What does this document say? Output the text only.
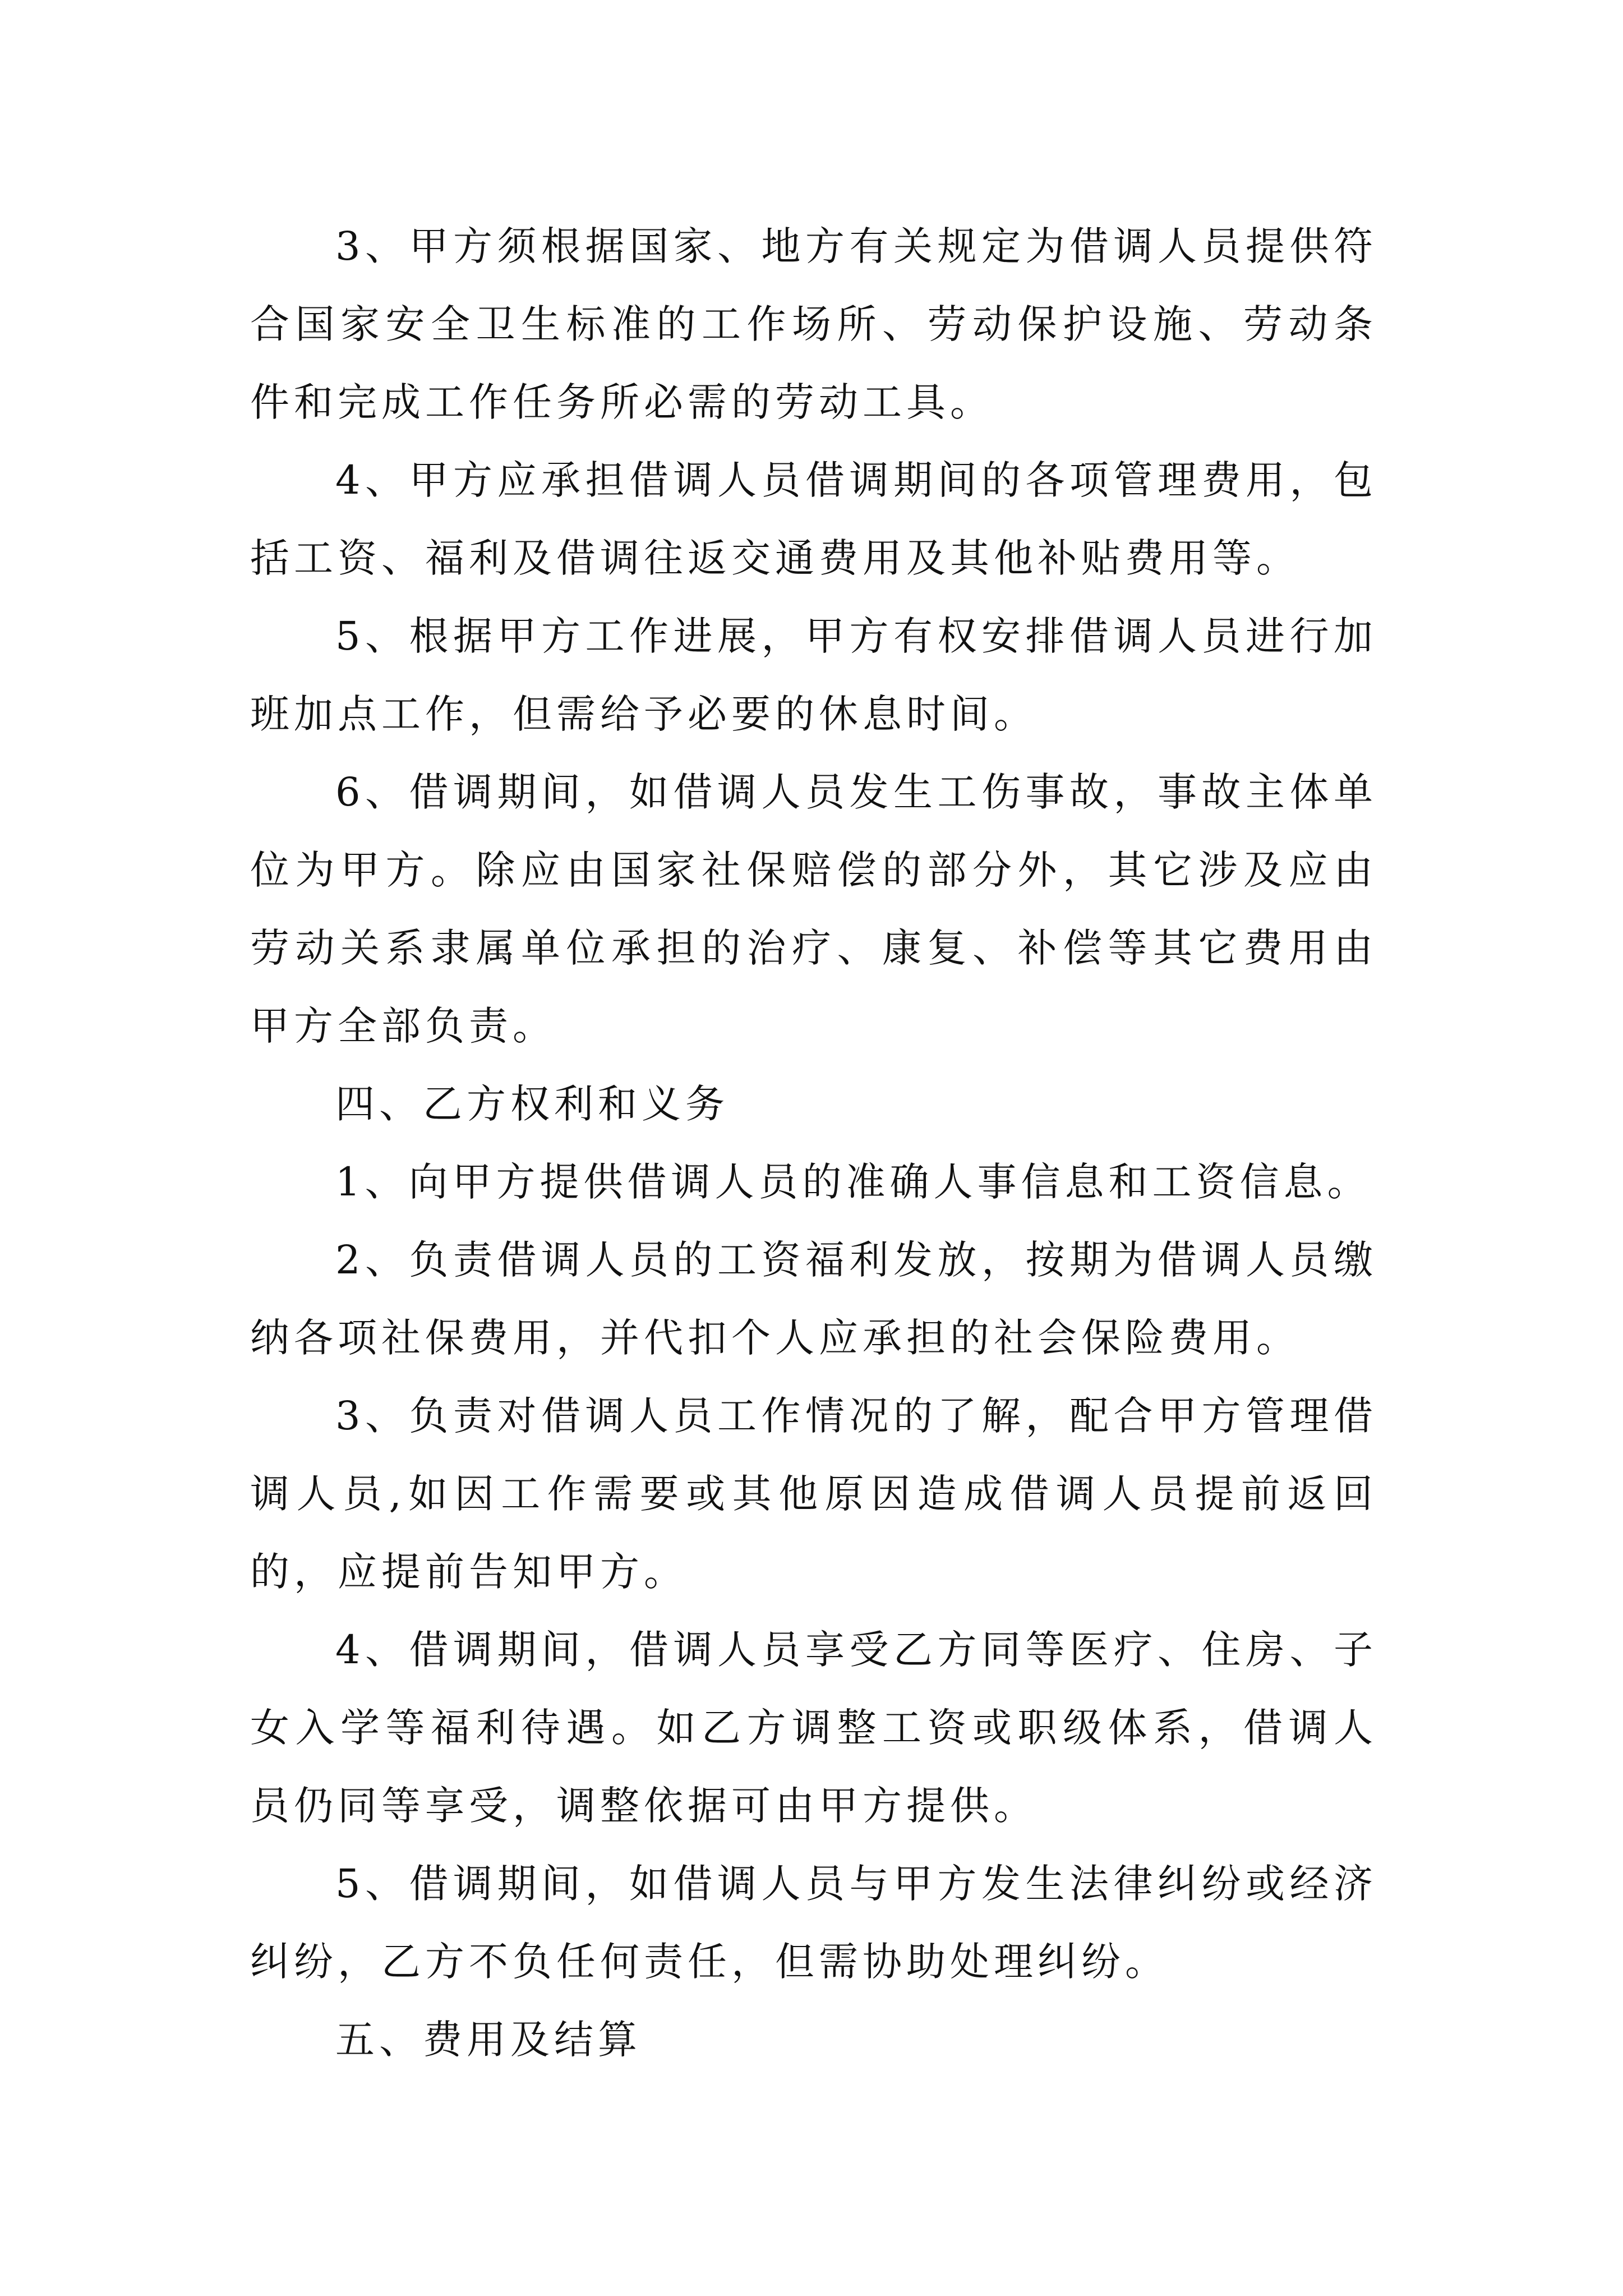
3、甲方须根据国家、地方有关规定为借调人员提供符合国家安全卫生标准的工作场所、劳动保护设施、劳动条件和完成工作任务所必需的劳动工具。

4、甲方应承担借调人员借调期间的各项管理费用，包括工资、福利及借调往返交通费用及其他补贴费用等。

5、根据甲方工作进展，甲方有权安排借调人员进行加班加点工作，但需给予必要的休息时间。

6、借调期间，如借调人员发生工伤事故，事故主体单位为甲方。除应由国家社保赔偿的部分外，其它涉及应由劳动关系隶属单位承担的治疗、康复、补偿等其它费用由甲方全部负责。

四、乙方权利和义务

1、向甲方提供借调人员的准确人事信息和工资信息。

2、负责借调人员的工资福利发放，按期为借调人员缴纳各项社保费用，并代扣个人应承担的社会保险费用。

3、负责对借调人员工作情况的了解，配合甲方管理借调人员,如因工作需要或其他原因造成借调人员提前返回的，应提前告知甲方。

4、借调期间，借调人员享受乙方同等医疗、住房、子女入学等福利待遇。如乙方调整工资或职级体系，借调人员仍同等享受，调整依据可由甲方提供。

5、借调期间，如借调人员与甲方发生法律纠纷或经济纠纷，乙方不负任何责任，但需协助处理纠纷。

五、费用及结算
